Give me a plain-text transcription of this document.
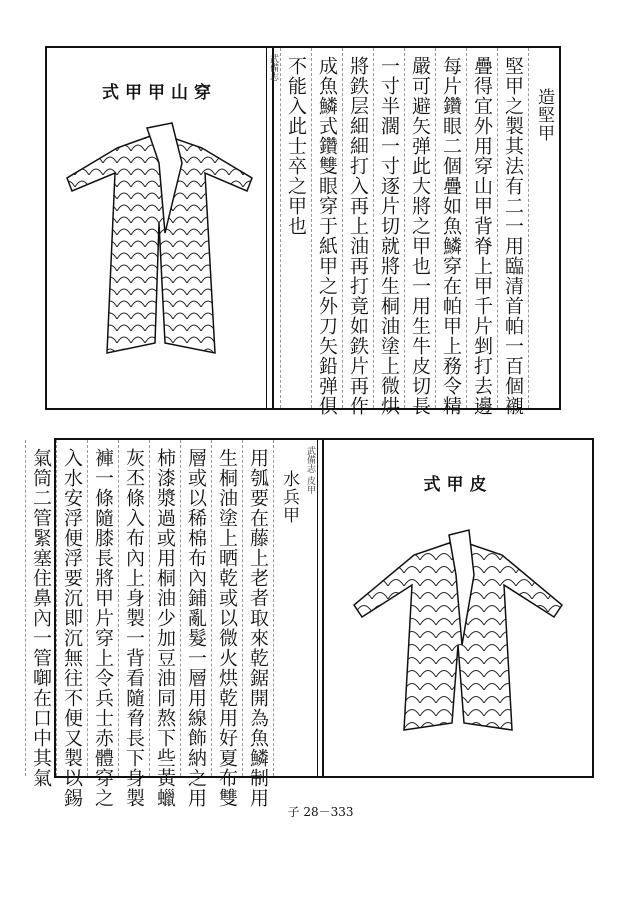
穿山甲甲式	造堅甲
堅甲之製其法有二一用臨清首帕一百個襯
疊得宜外用穿山甲背脊上甲千片剉打去邊
每片鑽眼二個疊如魚鱗穿在帕甲上務令精
嚴可避矢弹此大將之甲也一用生牛皮切長
一寸半濶一寸逐片切就將生桐油塗上微烘
將鉄层細細打入再上油再打竟如鉄片再作
成魚鱗式鑽雙眼穿于紙甲之外刀矢鉛弹俱
不能入此士卒之甲也
武備志
武備志 皮甲
水兵甲
用瓠要在藤上老者取來乾鋸開為魚鱗制用
生桐油塗上晒乾或以微火烘乾用好夏布雙
層或以稀棉布內鋪亂髮一層用線飾納之用
柿漆漿過或用桐油少加豆油同熬下些黃蠟
灰丕條入布內上身製一背看隨脅長下身製
褲一條隨膝長將甲片穿上令兵士赤體穿之
入水安浮便浮要沉即沉無往不便又製以錫
氣筒二管緊塞住鼻內一管啣在口中其氣	皮甲式
子 28－333
